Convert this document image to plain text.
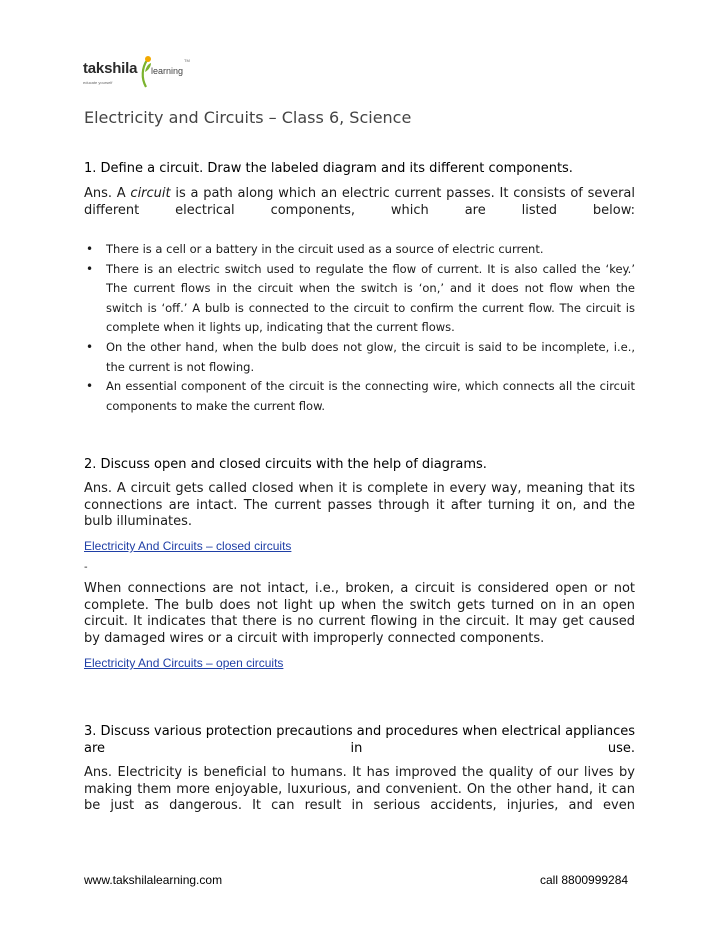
takshila learning
TM
educate yourself
Electricity and Circuits – Class 6, Science
1. Define a circuit. Draw the labeled diagram and its different components.
Ans. A circuit is a path along which an electric current passes. It consists of several different electrical components, which are listed below:
• There is a cell or a battery in the circuit used as a source of electric current.
• There is an electric switch used to regulate the flow of current. It is also called the ‘key.’ The current flows in the circuit when the switch is ‘on,’ and it does not flow when the switch is ‘off.’ A bulb is connected to the circuit to confirm the current flow. The circuit is complete when it lights up, indicating that the current flows.
• On the other hand, when the bulb does not glow, the circuit is said to be incomplete, i.e., the current is not flowing.
• An essential component of the circuit is the connecting wire, which connects all the circuit components to make the current flow.
2. Discuss open and closed circuits with the help of diagrams.
Ans. A circuit gets called closed when it is complete in every way, meaning that its connections are intact. The current passes through it after turning it on, and the bulb illuminates.
Electricity And Circuits – closed circuits
-
When connections are not intact, i.e., broken, a circuit is considered open or not complete. The bulb does not light up when the switch gets turned on in an open circuit. It indicates that there is no current flowing in the circuit. It may get caused by damaged wires or a circuit with improperly connected components.
Electricity And Circuits – open circuits
3. Discuss various protection precautions and procedures when electrical appliances are in use.
Ans. Electricity is beneficial to humans. It has improved the quality of our lives by making them more enjoyable, luxurious, and convenient. On the other hand, it can be just as dangerous. It can result in serious accidents, injuries, and even
www.takshilalearning.com	call 8800999284
